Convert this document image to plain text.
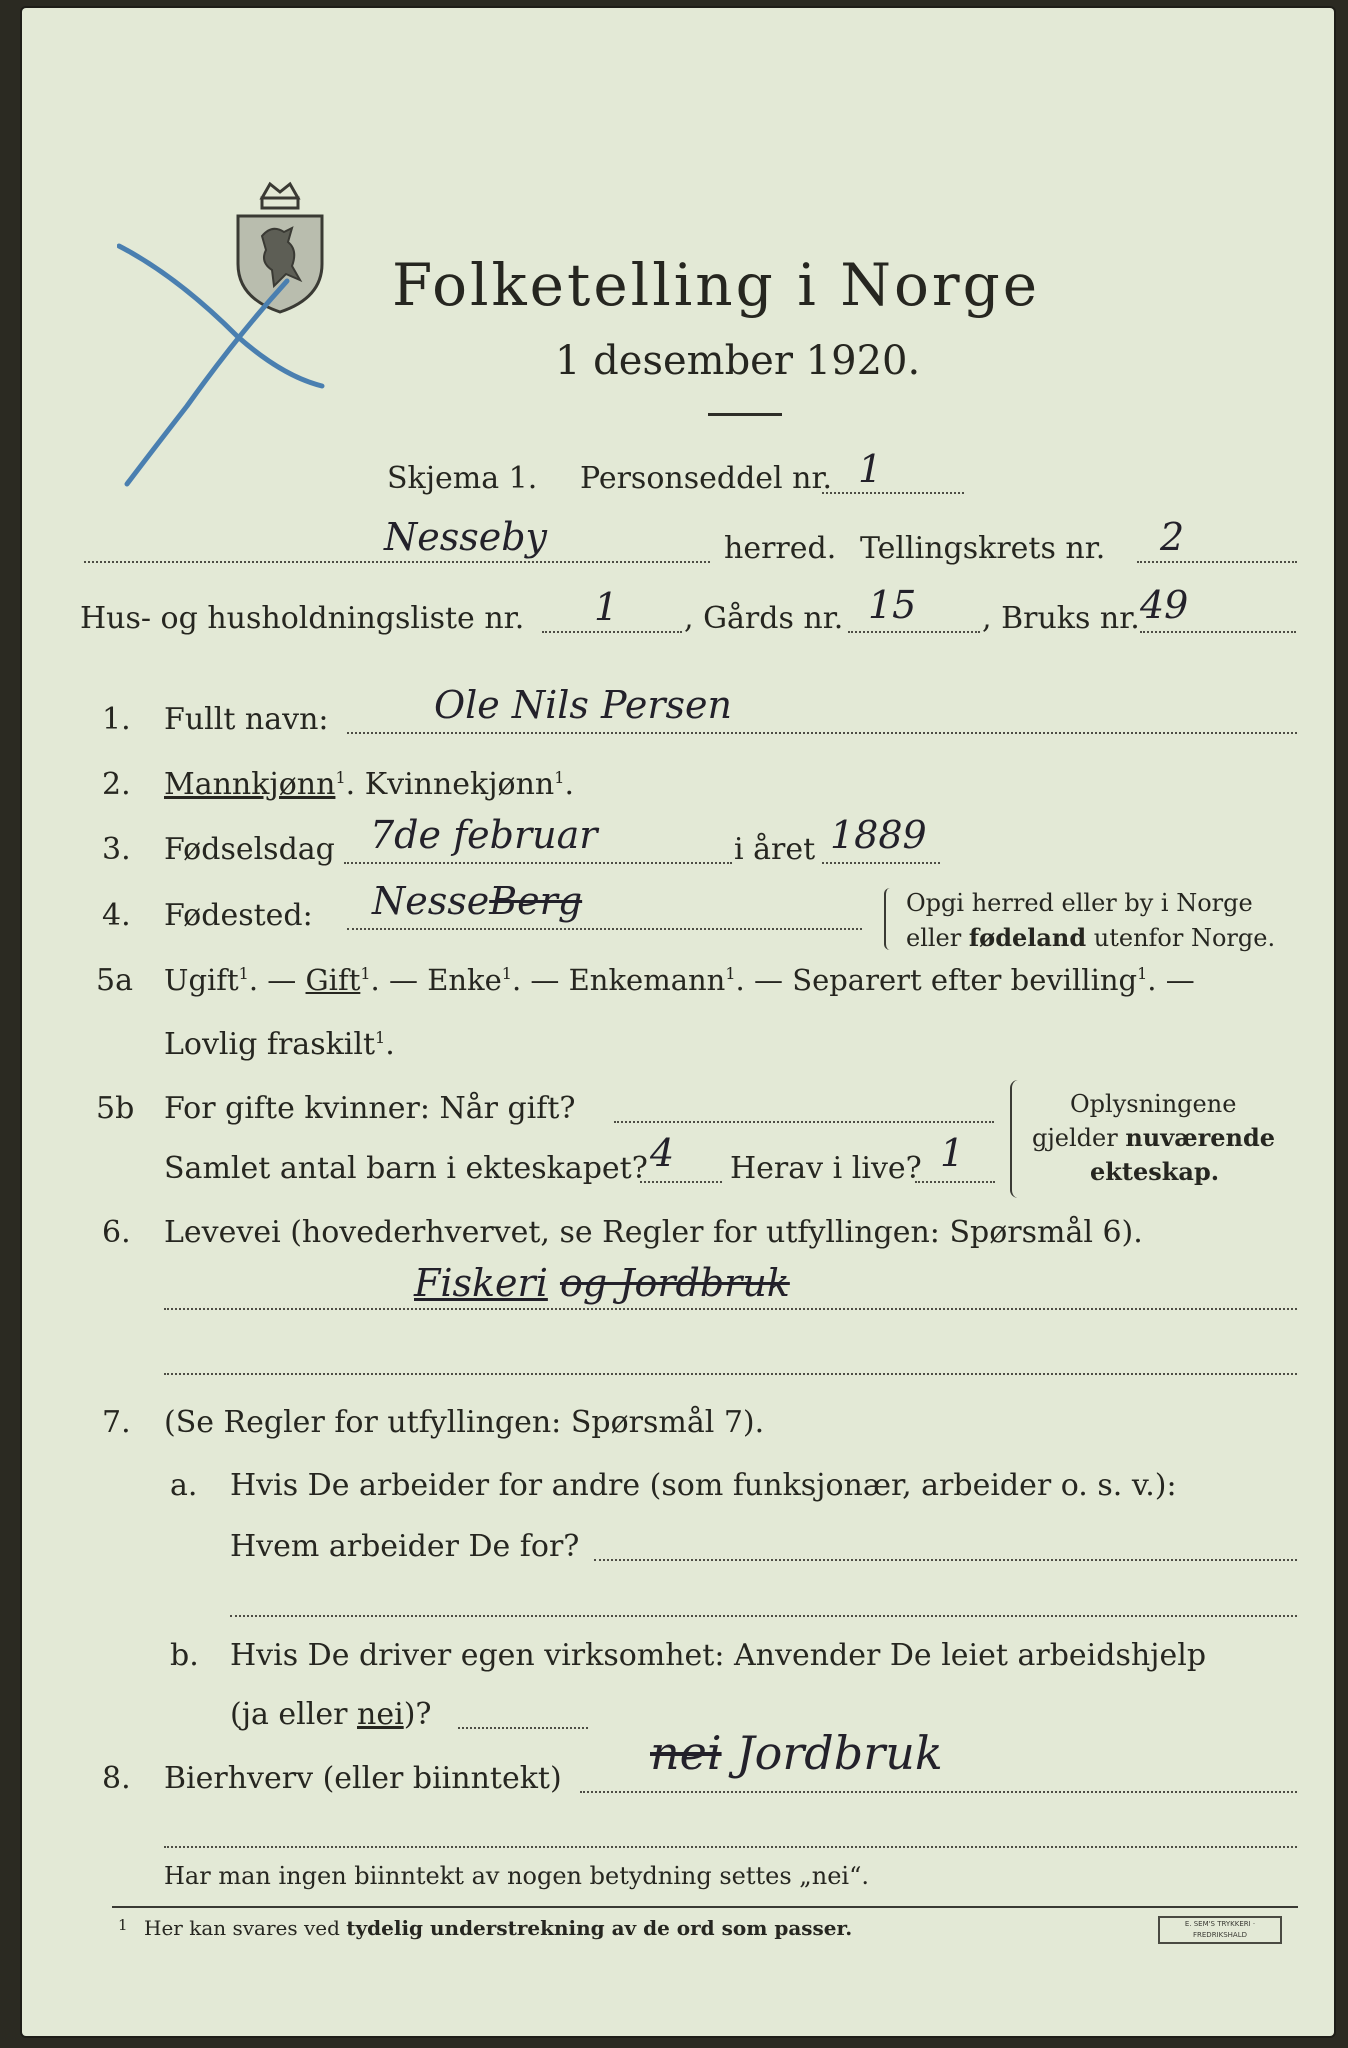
Folketelling i Norge
1 desember 1920.
Skjema 1. Personseddel nr. 1
Nesseby	herred. Tellingskrets nr. 2
Hus- og husholdningsliste nr. 1 , Gårds nr. 15 , Bruks nr. 49
1. Fullt navn:	Ole Nils Persen
2. Mannkjønn$^1$. Kvinnekjønn$^1$.
3. Fødselsdag 7de februar	i året 1889
4. Fødested: NesseBerg	Opgi herred eller by i Norge
eller fødeland utenfor Norge.
5a Ugift$^1$. — Gift$^1$. — Enke$^1$. — Enkemann$^1$. — Separert efter bevilling$^1$. —
Lovlig fraskilt$^1$.
5b For gifte kvinner: Når gift?
Samlet antal barn i ekteskapet? 4 Herav i live? 1
Oplysningene
gjelder nuværende
ekteskap.
6. Levevei (hovederhvervet, se Regler for utfyllingen: Spørsmål 6).
Fiskeri og Jordbruk
7. (Se Regler for utfyllingen: Spørsmål 7).
a. Hvis De arbeider for andre (som funksjonær, arbeider o. s. v.):
Hvem arbeider De for?
b. Hvis De driver egen virksomhet: Anvender De leiet arbeidshjelp
(ja eller nei)?
8. Bierhverv (eller biinntekt) nei Jordbruk
Har man ingen biinntekt av nogen betydning settes „nei“.
1 Her kan svares ved tydelig understrekning av de ord som passer.	E. SEM'S TRYKKERI · FREDRIKSHALD
